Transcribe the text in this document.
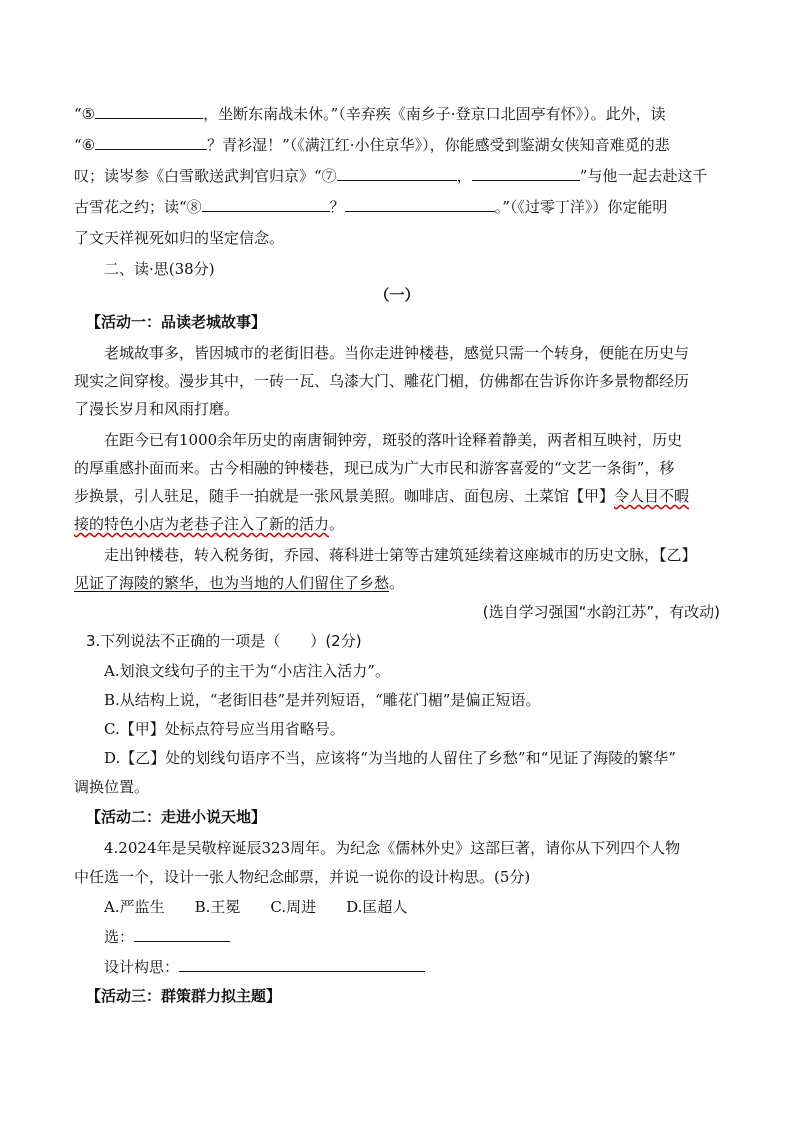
“⑤	，坐断东南战未休。”（辛弃疾《南乡子·登京口北固亭有怀》）。此外，读
“⑥	？青衫湿！”（《满江红·小住京华》），你能感受到鉴湖女侠知音难觅的悲
叹；读岑参《白雪歌送武判官归京》“⑦	，	”与他一起去赴这千
古雪花之约；读“⑧	？	。”（《过零丁洋》）你定能明
了文天祥视死如归的坚定信念。
二、读·思(38分)
（一）
【活动一：品读老城故事】
老城故事多，皆因城市的老街旧巷。当你走进钟楼巷，感觉只需一个转身，便能在历史与
现实之间穿梭。漫步其中，一砖一瓦、乌漆大门、雕花门楣，仿佛都在告诉你许多景物都经历
了漫长岁月和风雨打磨。
在距今已有1000余年历史的南唐铜钟旁，斑驳的落叶诠释着静美，两者相互映衬，历史
的厚重感扑面而来。古今相融的钟楼巷，现已成为广大市民和游客喜爱的“文艺一条街”，移
步换景，引人驻足，随手一拍就是一张风景美照。咖啡店、面包房、土菜馆【甲】令人目不暇
接的特色小店为老巷子注入了新的活力。
走出钟楼巷，转入税务街，乔园、蒋科进士第等古建筑延续着这座城市的历史文脉，【乙】
见证了海陵的繁华，也为当地的人们留住了乡愁。
(选自学习强国“水韵江苏”，有改动)
3.下列说法不正确的一项是（　　）(2分)
A.划浪文线句子的主干为“小店注入活力”。
B.从结构上说，“老街旧巷”是并列短语，“雕花门楣”是偏正短语。
C.【甲】处标点符号应当用省略号。
D.【乙】处的划线句语序不当，应该将“为当地的人留住了乡愁”和“见证了海陵的繁华”
调换位置。
【活动二：走进小说天地】
4.2024年是吴敬梓诞辰323周年。为纪念《儒林外史》这部巨著，请你从下列四个人物
中任选一个，设计一张人物纪念邮票，并说一说你的设计构思。(5分)
A.严监生　　B.王冕　　C.周进　　D.匡超人
选：
设计构思：
【活动三：群策群力拟主题】
